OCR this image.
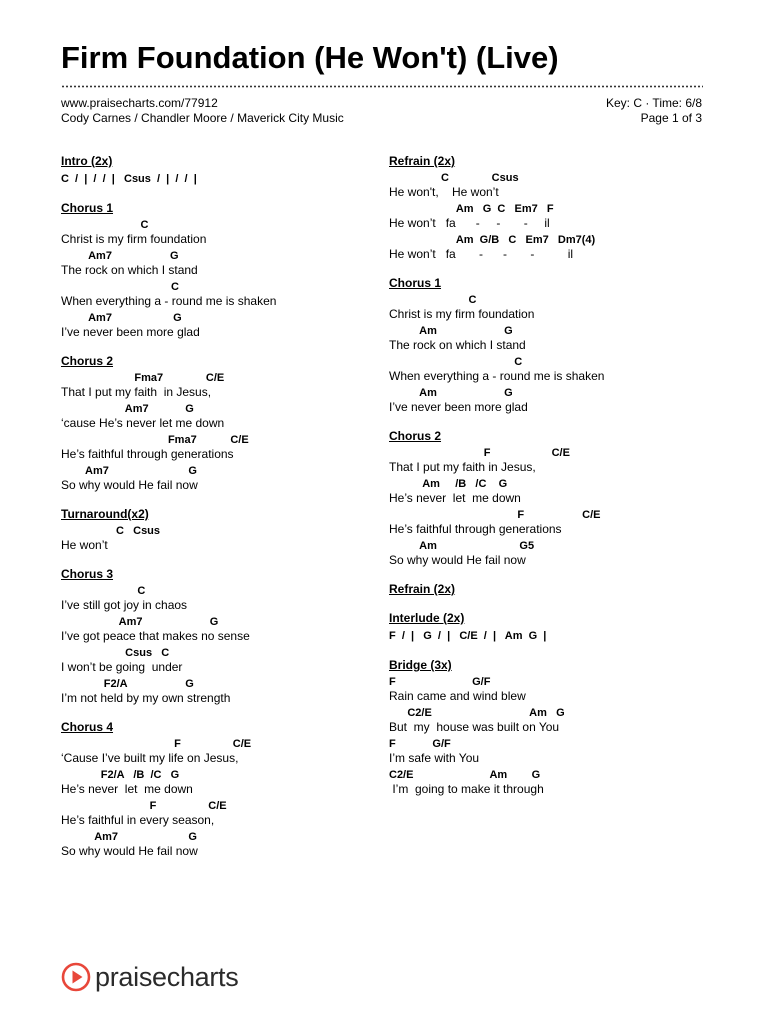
Firm Foundation (He Won't) (Live)
www.praisecharts.com/77912
Cody Carnes / Chandler Moore / Maverick City Music
Key: C · Time: 6/8
Page 1 of 3
Intro (2x)
C  /  |  /  /  |   Csus  /  |  /  /  |
Chorus 1
C
Christ is my firm foundation
Am7                   G
The rock on which I stand
C
When everything a - round me is shaken
Am7                    G
I’ve never been more glad
Chorus 2
Fma7              C/E
That I put my faith  in Jesus,
Am7            G
‘cause He’s never let me down
Fma7           C/E
He’s faithful through generations
Am7                          G
So why would He fail now
Turnaround(x2)
C   Csus
He won’t
Chorus 3
C
I’ve still got joy in chaos
Am7                      G
I’ve got peace that makes no sense
Csus   C
I won’t be going  under
F2/A                   G
I’m not held by my own strength
Chorus 4
F                 C/E
‘Cause I’ve built my life on Jesus,
F2/A   /B  /C   G
He’s never  let  me down
F                 C/E
He’s faithful in every season,
Am7                       G
So why would He fail now
Refrain (2x)
C              Csus
He won't,    He won’t
Am   G  C   Em7   F
He won’t   fa      -     -       -     il
Am  G/B   C   Em7   Dm7(4)
He won’t   fa       -      -       -          il
Chorus 1
C
Christ is my firm foundation
Am                      G
The rock on which I stand
C
When everything a - round me is shaken
Am                      G
I’ve never been more glad
Chorus 2
F                    C/E
That I put my faith in Jesus,
Am     /B   /C    G
He’s never  let  me down
F                   C/E
He’s faithful through generations
Am                           G5
So why would He fail now
Refrain (2x)
Interlude (2x)
F  /  |   G  /  |   C/E  /  |   Am  G  |
Bridge (3x)
F                         G/F
Rain came and wind blew
C2/E                                Am   G
But  my  house was built on You
F            G/F
I’m safe with You
C2/E                         Am        G
I’m  going to make it through
praisecharts
